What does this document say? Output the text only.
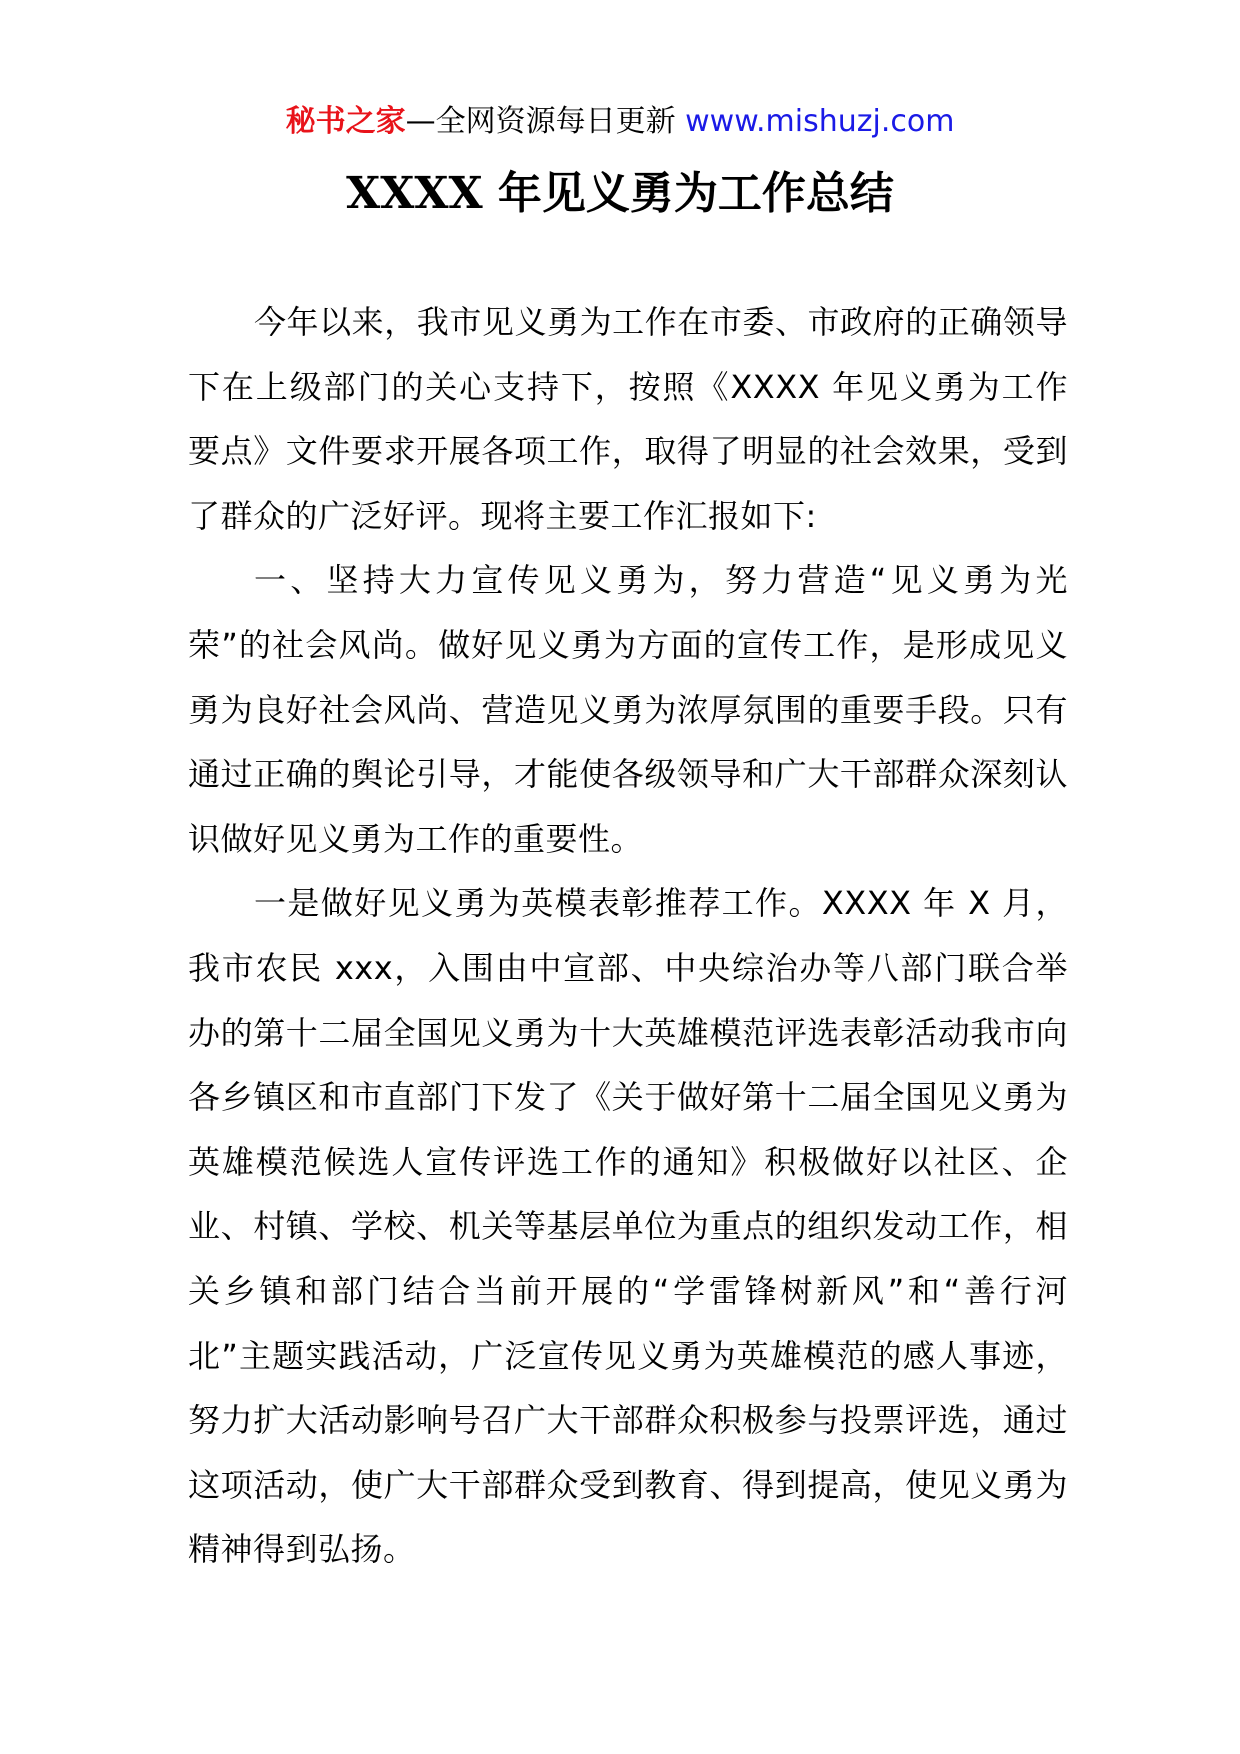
秘书之家—全网资源每日更新 www.mishuzj.com
XXXX 年见义勇为工作总结

今年以来，我市见义勇为工作在市委、市政府的正确领导下在上级部门的关心支持下，按照《XXXX 年见义勇为工作要点》文件要求开展各项工作，取得了明显的社会效果，受到了群众的广泛好评。现将主要工作汇报如下:

一、坚持大力宣传见义勇为，努力营造“见义勇为光荣”的社会风尚。做好见义勇为方面的宣传工作，是形成见义勇为良好社会风尚、营造见义勇为浓厚氛围的重要手段。只有通过正确的舆论引导，才能使各级领导和广大干部群众深刻认识做好见义勇为工作的重要性。

一是做好见义勇为英模表彰推荐工作。XXXX 年 X 月，我市农民 xxx，入围由中宣部、中央综治办等八部门联合举办的第十二届全国见义勇为十大英雄模范评选表彰活动我市向各乡镇区和市直部门下发了《关于做好第十二届全国见义勇为英雄模范候选人宣传评选工作的通知》积极做好以社区、企业、村镇、学校、机关等基层单位为重点的组织发动工作，相关乡镇和部门结合当前开展的“学雷锋树新风”和“善行河北”主题实践活动，广泛宣传见义勇为英雄模范的感人事迹，努力扩大活动影响号召广大干部群众积极参与投票评选，通过这项活动，使广大干部群众受到教育、得到提高，使见义勇为精神得到弘扬。
